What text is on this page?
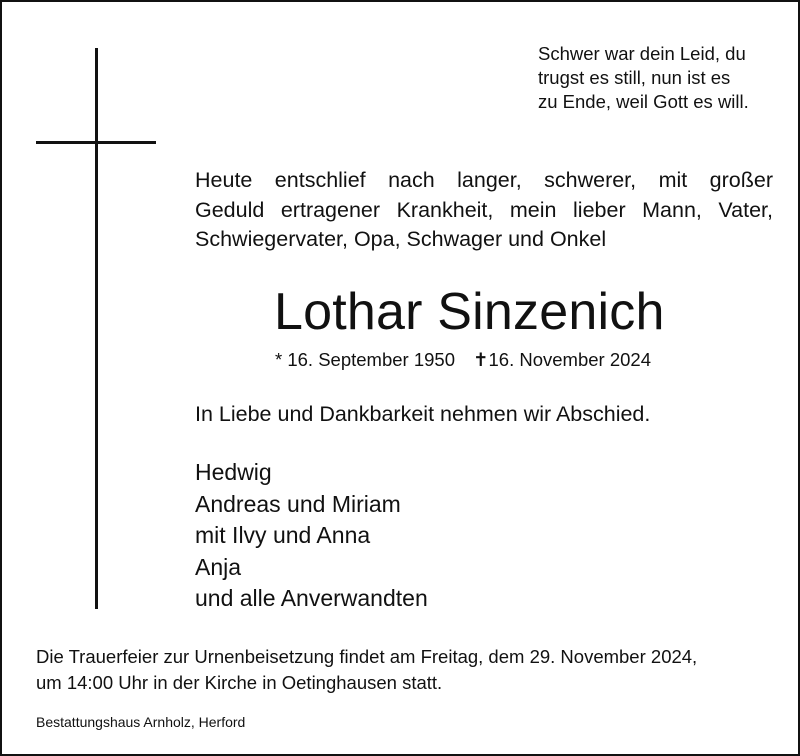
Schwer war dein Leid, du
trugst es still, nun ist es
zu Ende, weil Gott es will.
Heute entschlief nach langer, schwerer, mit großer
Geduld ertragener Krankheit, mein lieber Mann, Vater,
Schwiegervater, Opa, Schwager und Onkel
Lothar Sinzenich
* 16. September 1950 ✝16. November 2024
In Liebe und Dankbarkeit nehmen wir Abschied.
Hedwig
Andreas und Miriam
mit Ilvy und Anna
Anja
und alle Anverwandten
Die Trauerfeier zur Urnenbeisetzung findet am Freitag, dem 29. November 2024,
um 14:00 Uhr in der Kirche in Oetinghausen statt.
Bestattungshaus Arnholz, Herford
